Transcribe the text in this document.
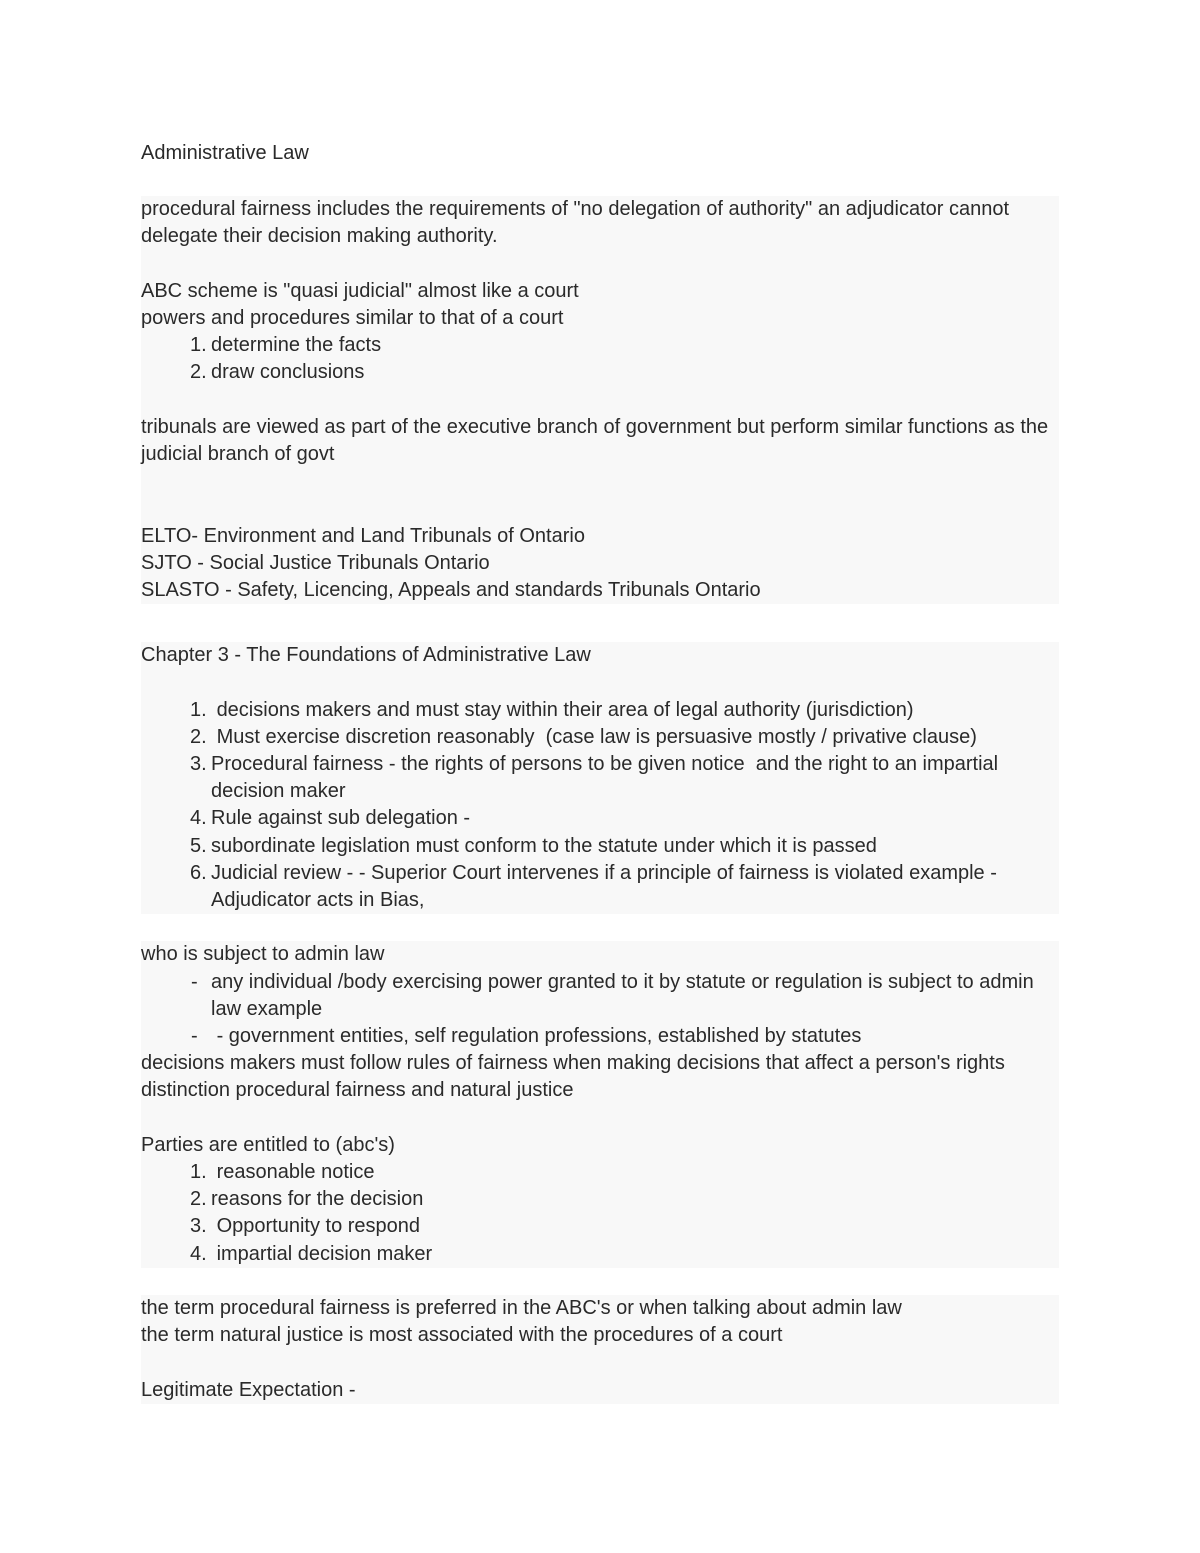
Administrative Law

procedural fairness includes the requirements of "no delegation of authority" an adjudicator cannot delegate their decision making authority.

ABC scheme is "quasi judicial" almost like a court

powers and procedures similar to that of a court

1. determine the facts
2. draw conclusions

tribunals are viewed as part of the executive branch of government but perform similar functions as the judicial branch of govt

ELTO- Environment and Land Tribunals of Ontario

SJTO - Social Justice Tribunals Ontario

SLASTO - Safety, Licencing, Appeals and standards Tribunals Ontario

Chapter 3 - The Foundations of Administrative Law

1. decisions makers and must stay within their area of legal authority (jurisdiction)
2. Must exercise discretion reasonably  (case law is persuasive mostly / privative clause)
3. Procedural fairness - the rights of persons to be given notice  and the right to an impartial decision maker
4. Rule against sub delegation -
5. subordinate legislation must conform to the statute under which it is passed
6. Judicial review - - Superior Court intervenes if a principle of fairness is violated example - Adjudicator acts in Bias,

who is subject to admin law

- any individual /body exercising power granted to it by statute or regulation is subject to admin law example
- - government entities, self regulation professions, established by statutes

decisions makers must follow rules of fairness when making decisions that affect a person's rights

distinction procedural fairness and natural justice

Parties are entitled to (abc's)

1. reasonable notice
2. reasons for the decision
3. Opportunity to respond
4. impartial decision maker

the term procedural fairness is preferred in the ABC's or when talking about admin law

the term natural justice is most associated with the procedures of a court

Legitimate Expectation -
